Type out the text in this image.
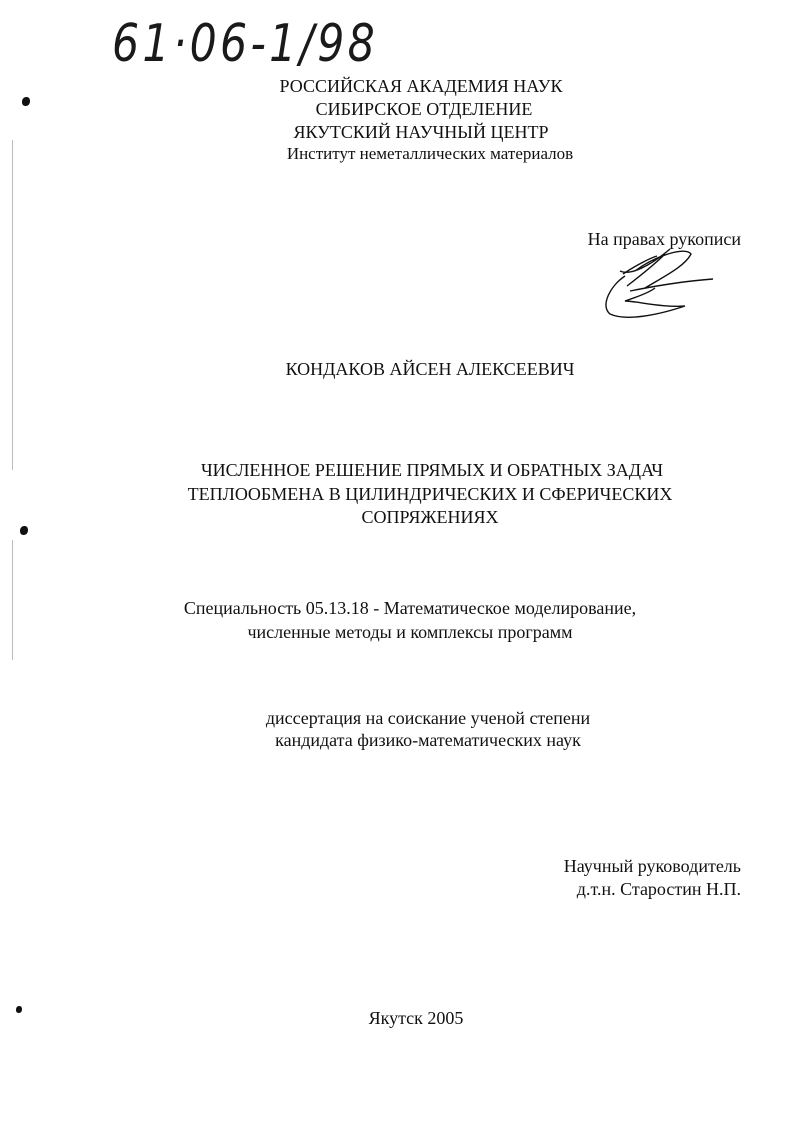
61·06-1/98
РОССИЙСКАЯ АКАДЕМИЯ НАУК
СИБИРСКОЕ ОТДЕЛЕНИЕ
ЯКУТСКИЙ НАУЧНЫЙ ЦЕНТР
Институт неметаллических материалов
На правах рукописи
КОНДАКОВ АЙСЕН АЛЕКСЕЕВИЧ
ЧИСЛЕННОЕ РЕШЕНИЕ ПРЯМЫХ И ОБРАТНЫХ ЗАДАЧ
ТЕПЛООБМЕНА В ЦИЛИНДРИЧЕСКИХ И СФЕРИЧЕСКИХ
СОПРЯЖЕНИЯХ
Специальность 05.13.18 - Математическое моделирование,
численные методы и комплексы программ
диссертация на соискание ученой степени
кандидата физико-математических наук
Научный руководитель
д.т.н. Старостин Н.П.
Якутск 2005
